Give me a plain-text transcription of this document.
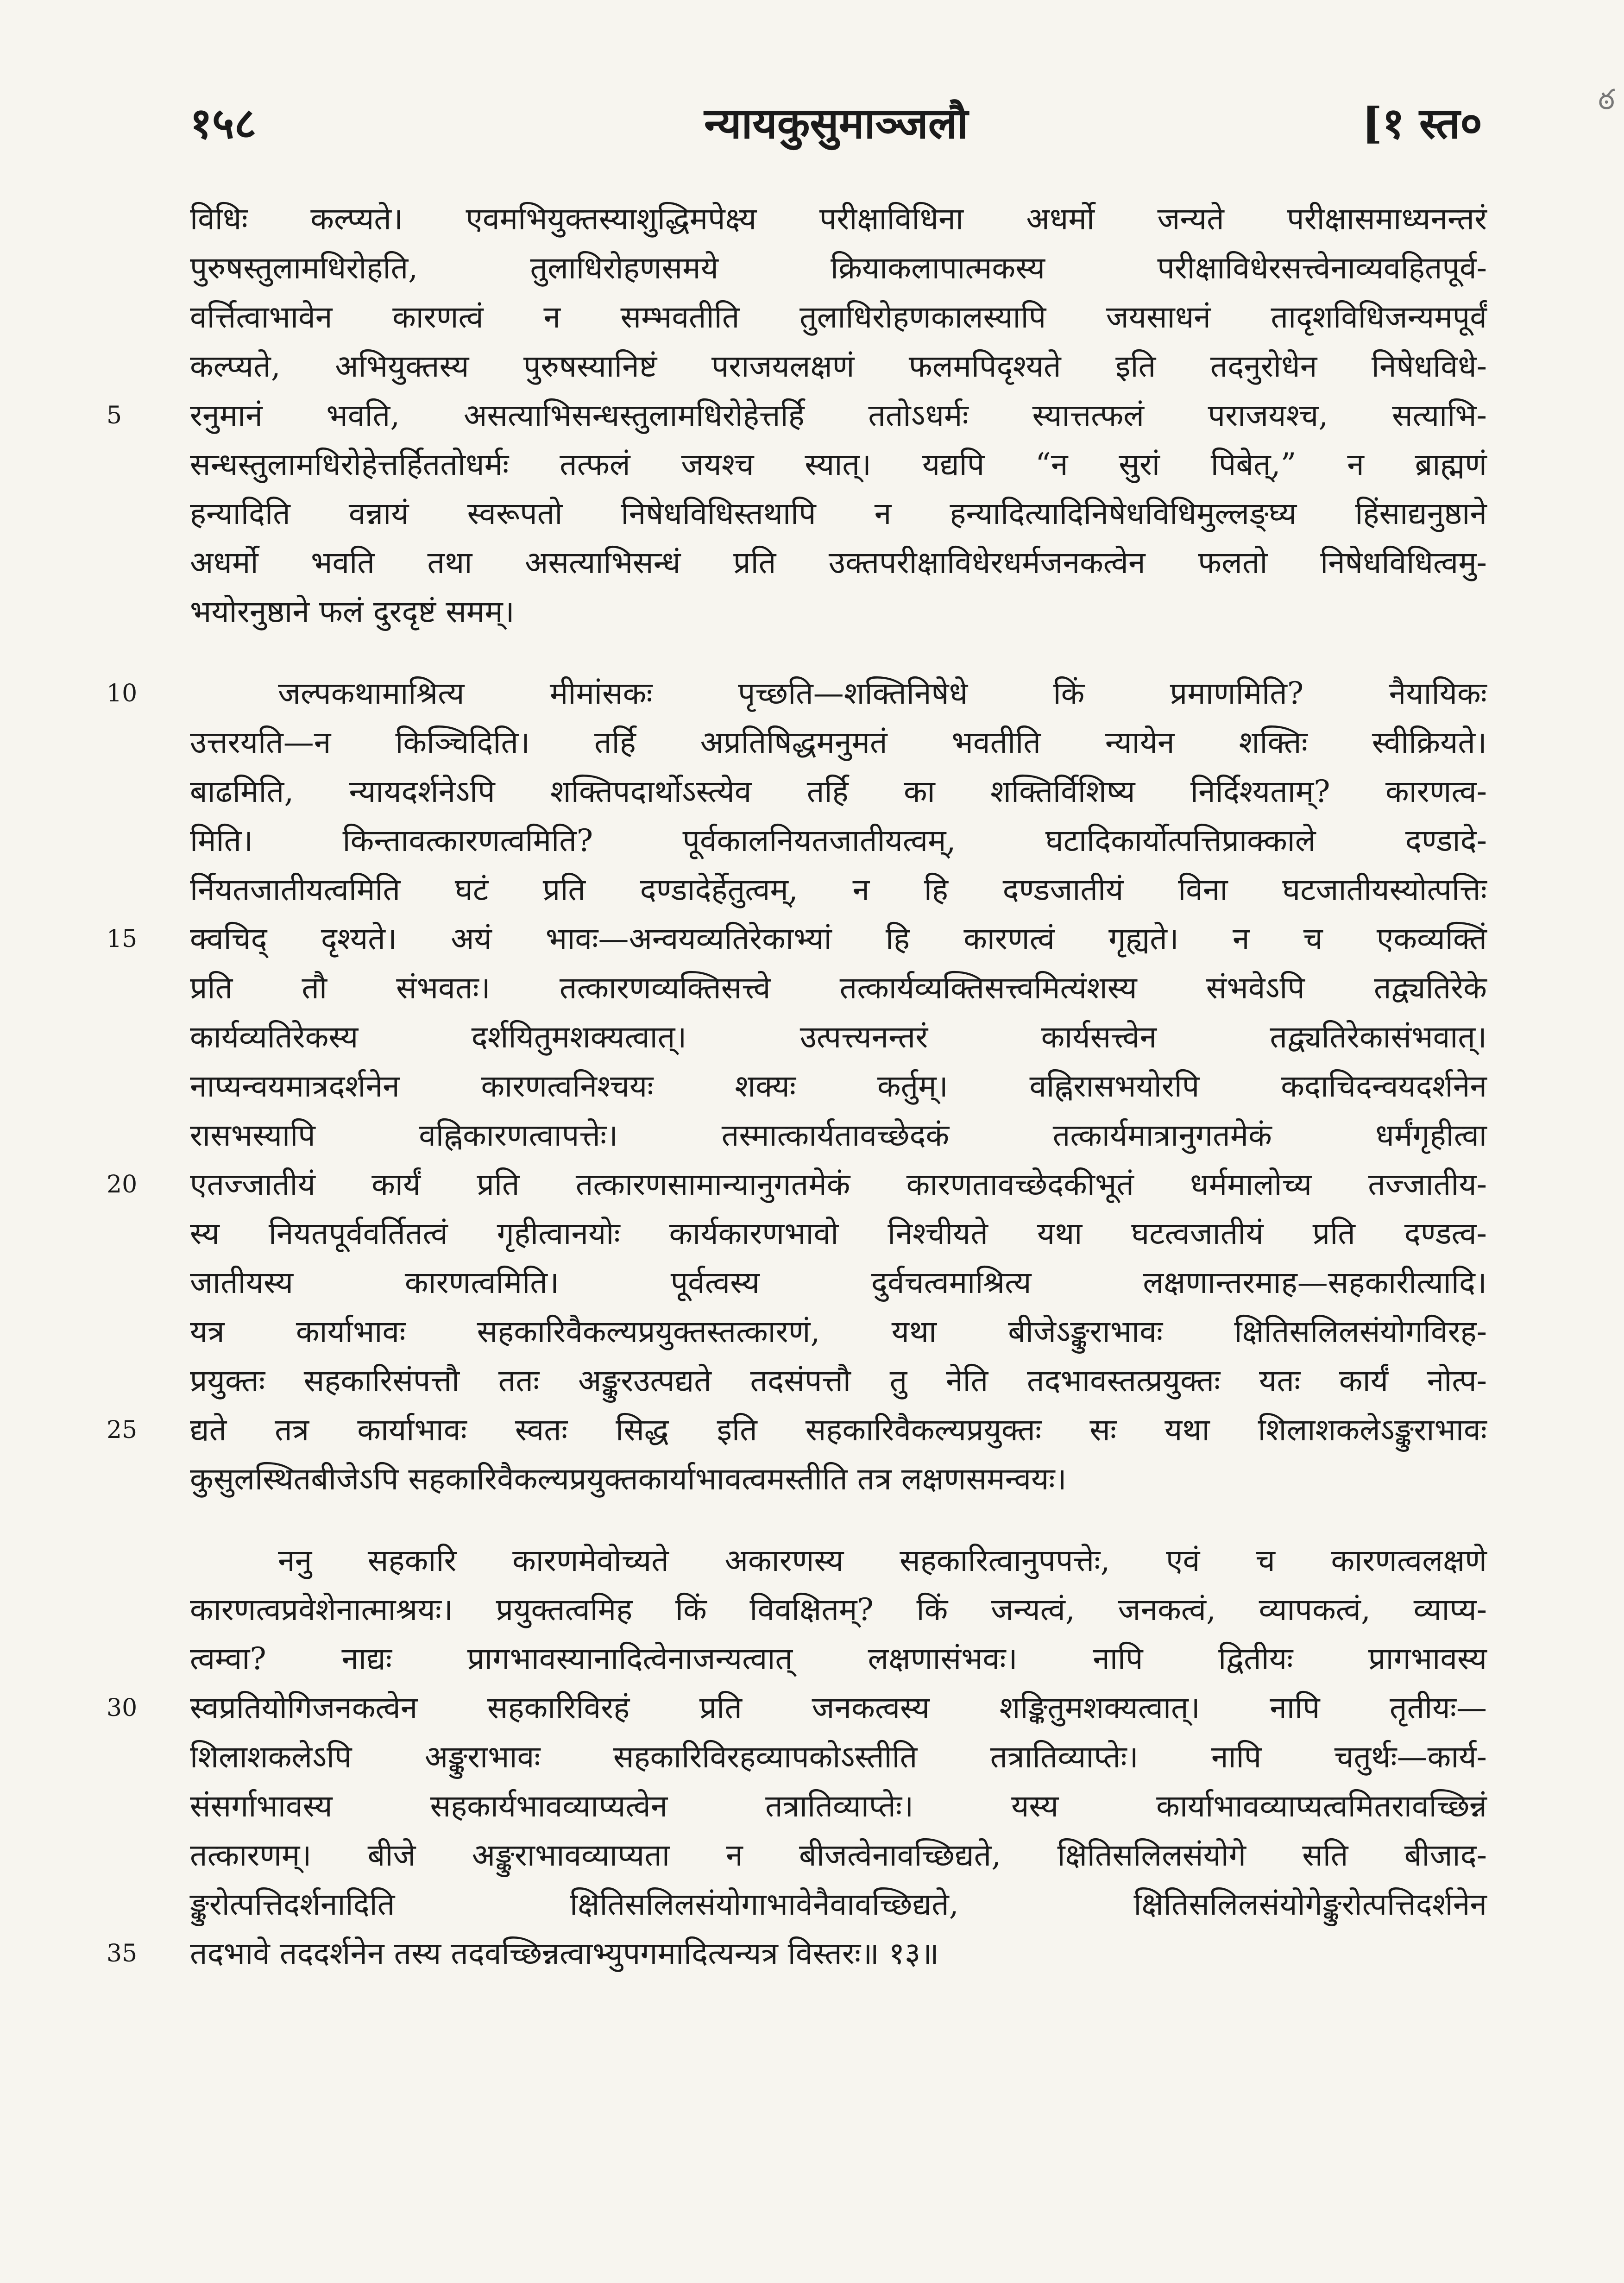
ఠ
१५८	न्यायकुसुमाञ्जलौ	[१ स्त०
विधिः कल्प्यते। एवमभियुक्तस्याशुद्धिमपेक्ष्य परीक्षाविधिना अधर्मो जन्यते परीक्षासमाध्यनन्तरं
पुरुषस्तुलामधिरोहति, तुलाधिरोहणसमये क्रियाकलापात्मकस्य परीक्षाविधेरसत्त्वेनाव्यवहितपूर्व-
वर्त्तित्वाभावेन कारणत्वं न सम्भवतीति तुलाधिरोहणकालस्यापि जयसाधनं तादृशविधिजन्यमपूर्वं
कल्प्यते, अभियुक्तस्य पुरुषस्यानिष्टं पराजयलक्षणं फलमपिदृश्यते इति तदनुरोधेन निषेधविधे-
5	रनुमानं भवति, असत्याभिसन्धस्तुलामधिरोहेत्तर्हि ततोऽधर्मः स्यात्तत्फलं पराजयश्च, सत्याभि-
सन्धस्तुलामधिरोहेत्तर्हिततोधर्मः तत्फलं जयश्च स्यात्। यद्यपि “न सुरां पिबेत्,” न ब्राह्मणं
हन्यादिति वन्नायं स्वरूपतो निषेधविधिस्तथापि न हन्यादित्यादिनिषेधविधिमुल्लङ्घ्य हिंसाद्यनुष्ठाने
अधर्मो भवति तथा असत्याभिसन्धं प्रति उक्तपरीक्षाविधेरधर्मजनकत्वेन फलतो निषेधविधित्वमु-
भयोरनुष्ठाने फलं दुरदृष्टं समम्।
10	जल्पकथामाश्रित्य मीमांसकः पृच्छति—शक्तिनिषेधे किं प्रमाणमिति? नैयायिकः
उत्तरयति—न किञ्चिदिति। तर्हि अप्रतिषिद्धमनुमतं भवतीति न्यायेन शक्तिः स्वीक्रियते।
बाढमिति, न्यायदर्शनेऽपि शक्तिपदार्थोऽस्त्येव तर्हि का शक्तिर्विशिष्य निर्दिश्यताम्? कारणत्व-
मिति। किन्तावत्कारणत्वमिति? पूर्वकालनियतजातीयत्वम्, घटादिकार्योत्पत्तिप्राक्काले दण्डादे-
र्नियतजातीयत्वमिति घटं प्रति दण्डादेर्हेतुत्वम्, न हि दण्डजातीयं विना घटजातीयस्योत्पत्तिः
15	क्वचिद् दृश्यते। अयं भावः—अन्वयव्यतिरेकाभ्यां हि कारणत्वं गृह्यते। न च एकव्यक्तिं
प्रति तौ संभवतः। तत्कारणव्यक्तिसत्त्वे तत्कार्यव्यक्तिसत्त्वमित्यंशस्य संभवेऽपि तद्व्यतिरेके
कार्यव्यतिरेकस्य दर्शयितुमशक्यत्वात्। उत्पत्त्यनन्तरं कार्यसत्त्वेन तद्व्यतिरेकासंभवात्।
नाप्यन्वयमात्रदर्शनेन कारणत्वनिश्चयः शक्यः कर्तुम्। वह्निरासभयोरपि कदाचिदन्वयदर्शनेन
रासभस्यापि वह्निकारणत्वापत्तेः। तस्मात्कार्यतावच्छेदकं तत्कार्यमात्रानुगतमेकं धर्मंगृहीत्वा
20	एतज्जातीयं कार्यं प्रति तत्कारणसामान्यानुगतमेकं कारणतावच्छेदकीभूतं धर्ममालोच्य तज्जातीय-
स्य नियतपूर्ववर्तितत्वं गृहीत्वानयोः कार्यकारणभावो निश्चीयते यथा घटत्वजातीयं प्रति दण्डत्व-
जातीयस्य कारणत्वमिति। पूर्वत्वस्य दुर्वचत्वमाश्रित्य लक्षणान्तरमाह—सहकारीत्यादि।
यत्र कार्याभावः सहकारिवैकल्यप्रयुक्तस्तत्कारणं, यथा बीजेऽङ्कुराभावः क्षितिसलिलसंयोगविरह-
प्रयुक्तः सहकारिसंपत्तौ ततः अङ्कुरउत्पद्यते तदसंपत्तौ तु नेति तदभावस्तत्प्रयुक्तः यतः कार्यं नोत्प-
25	द्यते तत्र कार्याभावः स्वतः सिद्ध इति सहकारिवैकल्यप्रयुक्तः सः यथा शिलाशकलेऽङ्कुराभावः
कुसुलस्थितबीजेऽपि सहकारिवैकल्यप्रयुक्तकार्याभावत्वमस्तीति तत्र लक्षणसमन्वयः।
ननु सहकारि कारणमेवोच्यते अकारणस्य सहकारित्वानुपपत्तेः, एवं च कारणत्वलक्षणे
कारणत्वप्रवेशेनात्माश्रयः। प्रयुक्तत्वमिह किं विवक्षितम्? किं जन्यत्वं, जनकत्वं, व्यापकत्वं, व्याप्य-
त्वम्वा? नाद्यः प्रागभावस्यानादित्वेनाजन्यत्वात् लक्षणासंभवः। नापि द्वितीयः प्रागभावस्य
30	स्वप्रतियोगिजनकत्वेन सहकारिविरहं प्रति जनकत्वस्य शङ्कितुमशक्यत्वात्। नापि तृतीयः—
शिलाशकलेऽपि अङ्कुराभावः सहकारिविरहव्यापकोऽस्तीति तत्रातिव्याप्तेः। नापि चतुर्थः—कार्य-
संसर्गाभावस्य सहकार्यभावव्याप्यत्वेन तत्रातिव्याप्तेः। यस्य कार्याभावव्याप्यत्वमितरावच्छिन्नं
तत्कारणम्। बीजे अङ्कुराभावव्याप्यता न बीजत्वेनावच्छिद्यते, क्षितिसलिलसंयोगे सति बीजाद-
ङ्कुरोत्पत्तिदर्शनादिति क्षितिसलिलसंयोगाभावेनैवावच्छिद्यते, क्षितिसलिलसंयोगेङ्कुरोत्पत्तिदर्शनेन
35	तदभावे तददर्शनेन तस्य तदवच्छिन्नत्वाभ्युपगमादित्यन्यत्र विस्तरः॥ १३॥
